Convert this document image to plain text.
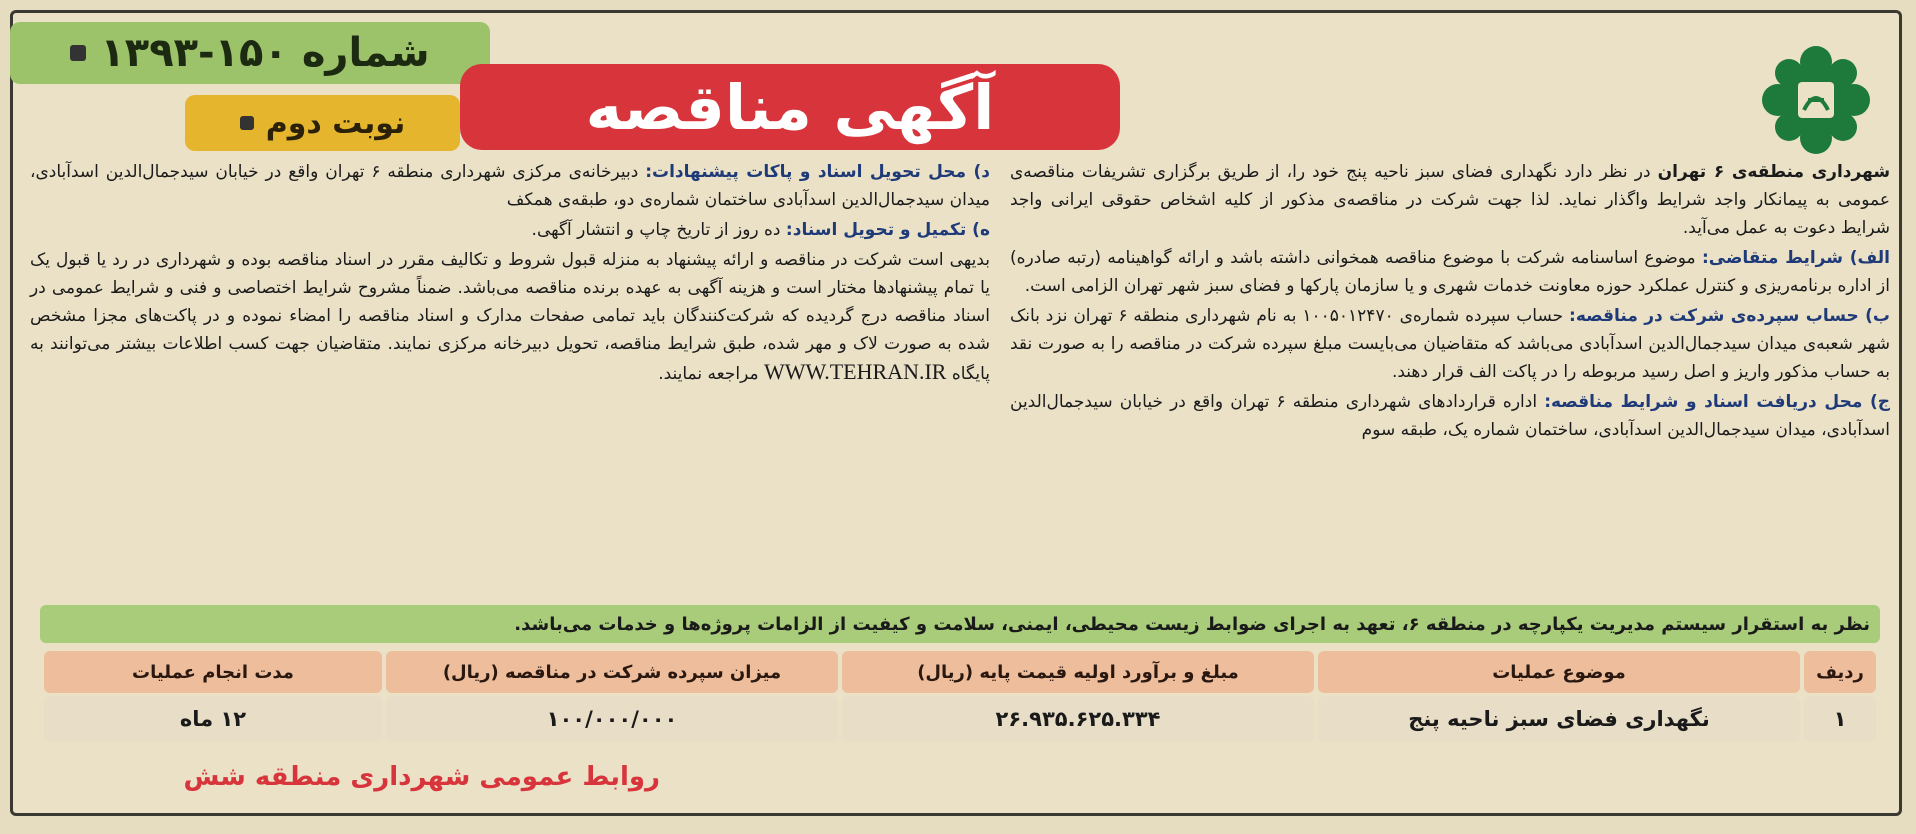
شماره ۱۵۰-۱۳۹۳
آگهی مناقصه
نوبت دوم

شهرداری منطقه‌ی ۶ تهران در نظر دارد نگهداری فضای سبز ناحیه پنج خود را، از طریق برگزاری تشریفات مناقصه‌ی عمومی به پیمانکار واجد شرایط واگذار نماید. لذا جهت شرکت در مناقصه‌ی مذکور از کلیه اشخاص حقوقی ایرانی واجد شرایط دعوت به عمل می‌آید.

الف) شرایط متقاضی: موضوع اساسنامه شرکت با موضوع مناقصه همخوانی داشته باشد و ارائه گواهینامه (رتبه صادره) از اداره برنامه‌ریزی و کنترل عملکرد حوزه معاونت خدمات شهری و یا سازمان پارکها و فضای سبز شهر تهران الزامی است.

ب) حساب سپرده‌ی شرکت در مناقصه: حساب سپرده شماره‌ی ۱۰۰۵۰۱۲۴۷۰ به نام شهرداری منطقه ۶ تهران نزد بانک شهر شعبه‌ی میدان سیدجمال‌الدین اسدآبادی می‌باشد که متقاضیان می‌بایست مبلغ سپرده شرکت در مناقصه را به صورت نقد به حساب مذکور واریز و اصل رسید مربوطه را در پاکت الف قرار دهند.

ج) محل دریافت اسناد و شرایط مناقصه: اداره قراردادهای شهرداری منطقه ۶ تهران واقع در خیابان سیدجمال‌الدین اسدآبادی، میدان سیدجمال‌الدین اسدآبادی، ساختمان شماره یک، طبقه سوم

د) محل تحویل اسناد و پاکات پیشنهادات: دبیرخانه‌ی مرکزی شهرداری منطقه ۶ تهران واقع در خیابان سیدجمال‌الدین اسدآبادی، میدان سیدجمال‌الدین اسدآبادی ساختمان شماره‌ی دو، طبقه‌ی همکف

ه) تکمیل و تحویل اسناد: ده روز از تاریخ چاپ و انتشار آگهی.

بدیهی است شرکت در مناقصه و ارائه پیشنهاد به منزله قبول شروط و تکالیف مقرر در اسناد مناقصه بوده و شهرداری در رد یا قبول یک یا تمام پیشنهادها مختار است و هزینه آگهی به عهده برنده مناقصه می‌باشد. ضمناً مشروح شرایط اختصاصی و فنی و شرایط عمومی در اسناد مناقصه درج گردیده که شرکت‌کنندگان باید تمامی صفحات مدارک و اسناد مناقصه را امضاء نموده و در پاکت‌های مجزا مشخص شده به صورت لاک و مهر شده، طبق شرایط مناقصه، تحویل دبیرخانه مرکزی نمایند. متقاضیان جهت کسب اطلاعات بیشتر می‌توانند به پایگاه WWW.TEHRAN.IR مراجعه نمایند.

نظر به استقرار سیستم مدیریت یکپارچه در منطقه ۶، تعهد به اجرای ضوابط زیست محیطی، ایمنی، سلامت و کیفیت از الزامات پروژه‌ها و خدمات می‌باشد.
ردیف	موضوع عملیات	مبلغ و برآورد اولیه قیمت پایه (ریال)	میزان سپرده شرکت در مناقصه (ریال)	مدت انجام عملیات
۱	نگهداری فضای سبز ناحیه پنج	۲۶.۹۳۵.۶۲۵.۳۳۴	۱۰۰/۰۰۰/۰۰۰	۱۲ ماه
روابط عمومی شهرداری منطقه شش
